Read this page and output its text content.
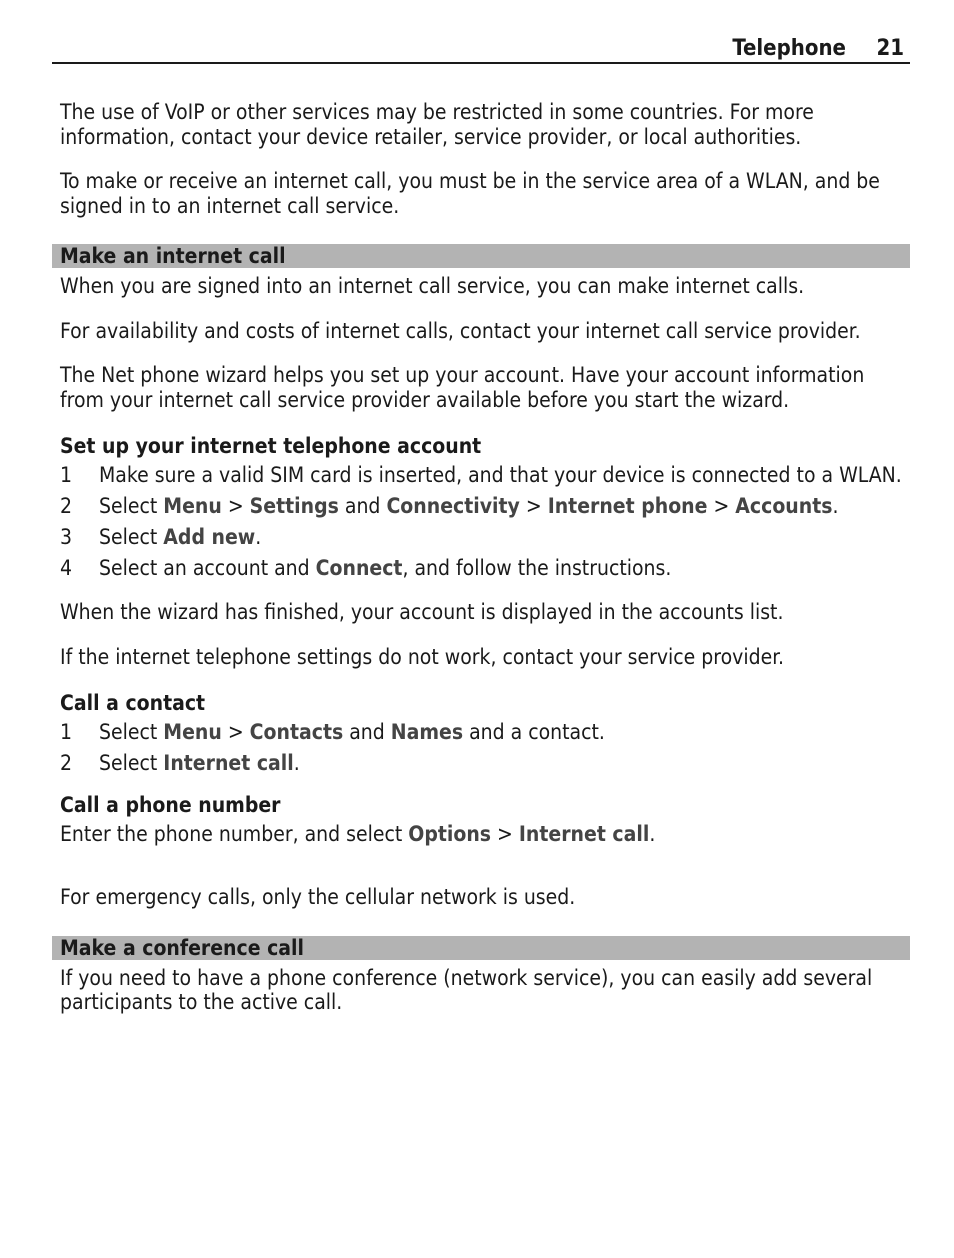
Telephone 21

The use of VoIP or other services may be restricted in some countries. For more information, contact your device retailer, service provider, or local authorities.

To make or receive an internet call, you must be in the service area of a WLAN, and be signed in to an internet call service.

Make an internet call

When you are signed into an internet call service, you can make internet calls.

For availability and costs of internet calls, contact your internet call service provider.

The Net phone wizard helps you set up your account. Have your account information from your internet call service provider available before you start the wizard.

Set up your internet telephone account
1 Make sure a valid SIM card is inserted, and that your device is connected to a WLAN.
2 Select Menu > Settings and Connectivity > Internet phone > Accounts.
3 Select Add new.
4 Select an account and Connect, and follow the instructions.

When the wizard has finished, your account is displayed in the accounts list.

If the internet telephone settings do not work, contact your service provider.

Call a contact
1 Select Menu > Contacts and Names and a contact.
2 Select Internet call.
Call a phone number

Enter the phone number, and select Options > Internet call.

For emergency calls, only the cellular network is used.

Make a conference call

If you need to have a phone conference (network service), you can easily add several participants to the active call.
